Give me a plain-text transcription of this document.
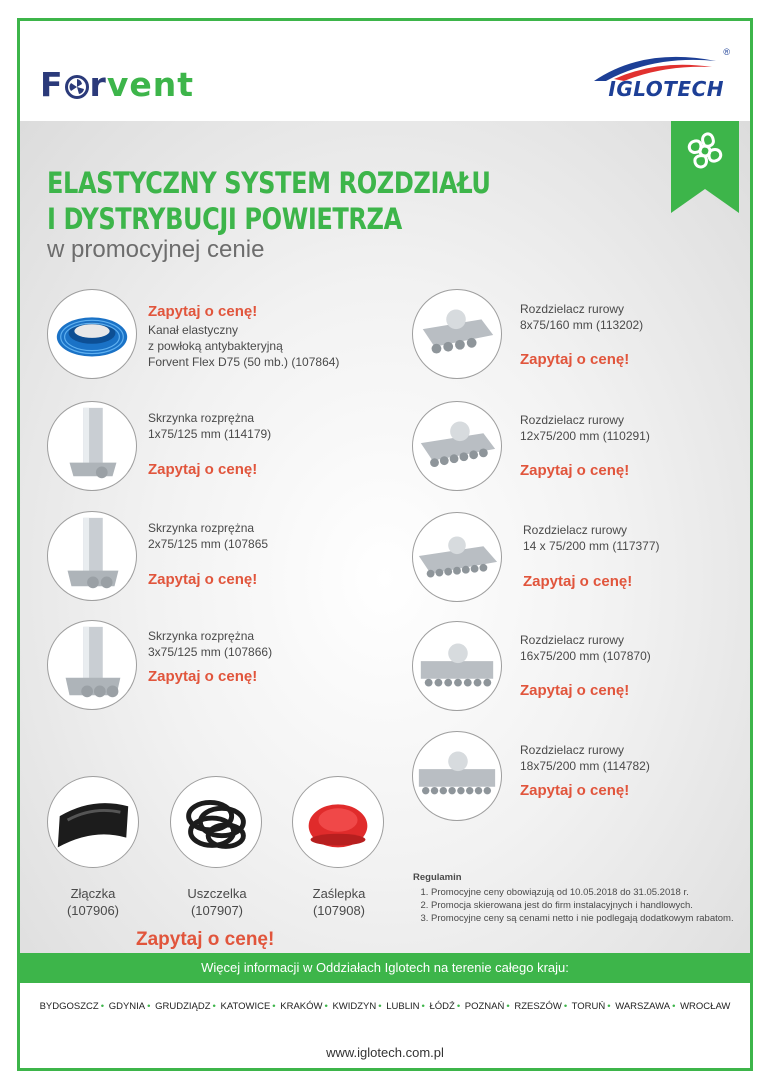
F rvent
®
IGLOTECH
ELASTYCZNY SYSTEM ROZDZIAŁU
I DYSTRYBUCJI POWIETRZA
w promocyjnej cenie
Zapytaj o cenę!
Kanał elastyczny
z powłoką antybakteryjną
Forvent Flex D75 (50 mb.) (107864)
Skrzynka rozprężna
1x75/125 mm (114179)
Zapytaj o cenę!
Skrzynka rozprężna
2x75/125 mm (107865
Zapytaj o cenę!
Skrzynka rozprężna
3x75/125 mm (107866)
Zapytaj o cenę!
Rozdzielacz rurowy
8x75/160 mm (113202)
Zapytaj o cenę!
Rozdzielacz rurowy
12x75/200 mm (110291)
Zapytaj o cenę!
Rozdzielacz rurowy
14 x 75/200 mm (117377)
Zapytaj o cenę!
Rozdzielacz rurowy
16x75/200 mm (107870)
Zapytaj o cenę!
Rozdzielacz rurowy
18x75/200 mm (114782)
Zapytaj o cenę!
Złączka
(107906)
Uszczelka
(107907)
Zaślepka
(107908)
Zapytaj o cenę!
Regulamin
1. Promocyjne ceny obowiązują od 10.05.2018 do 31.05.2018 r.
2. Promocja skierowana jest do firm instalacyjnych i handlowych.
3. Promocyjne ceny są cenami netto i nie podlegają dodatkowym rabatom.
Więcej informacji w Oddziałach Iglotech na terenie całego kraju:
BYDGOSZCZ • GDYNIA • GRUDZIĄDZ • KATOWICE • KRAKÓW • KWIDZYN • LUBLIN • ŁÓDŹ • POZNAŃ • RZESZÓW • TORUŃ • WARSZAWA • WROCŁAW
www.iglotech.com.pl
